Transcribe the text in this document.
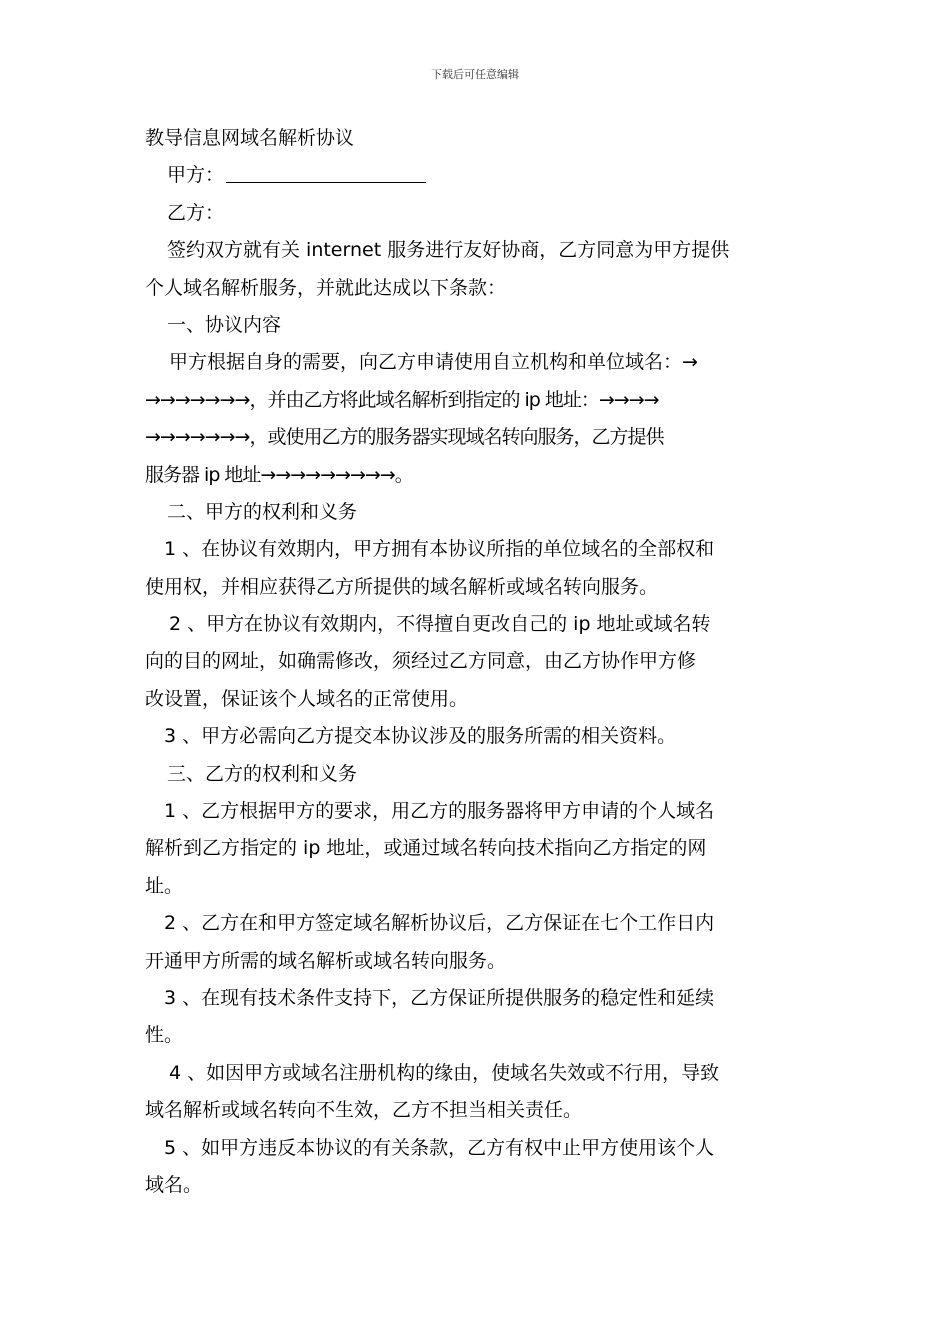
下载后可任意编辑
教导信息网域名解析协议
甲方：
乙方：
签约双方就有关 internet 服务进行友好协商，乙方同意为甲方提供
个人域名解析服务，并就此达成以下条款：
一、协议内容
甲方根据自身的需要，向乙方申请使用自立机构和单位域名：→
→→→→→→→，并由乙方将此域名解析到指定的 ip 地址：→→→→
→→→→→→→，或使用乙方的服务器实现域名转向服务，乙方提供
服务器 ip 地址→→→→→→→→→。
二、甲方的权利和义务
1 、在协议有效期内，甲方拥有本协议所指的单位域名的全部权和
使用权，并相应获得乙方所提供的域名解析或域名转向服务。
2 、甲方在协议有效期内，不得擅自更改自己的 ip 地址或域名转
向的目的网址，如确需修改，须经过乙方同意，由乙方协作甲方修
改设置，保证该个人域名的正常使用。
3 、甲方必需向乙方提交本协议涉及的服务所需的相关资料。
三、乙方的权利和义务
1 、乙方根据甲方的要求，用乙方的服务器将甲方申请的个人域名
解析到乙方指定的 ip 地址，或通过域名转向技术指向乙方指定的网
址。
2 、乙方在和甲方签定域名解析协议后，乙方保证在七个工作日内
开通甲方所需的域名解析或域名转向服务。
3 、在现有技术条件支持下，乙方保证所提供服务的稳定性和延续
性。
4 、如因甲方或域名注册机构的缘由，使域名失效或不行用，导致
域名解析或域名转向不生效，乙方不担当相关责任。
5 、如甲方违反本协议的有关条款，乙方有权中止甲方使用该个人
域名。
